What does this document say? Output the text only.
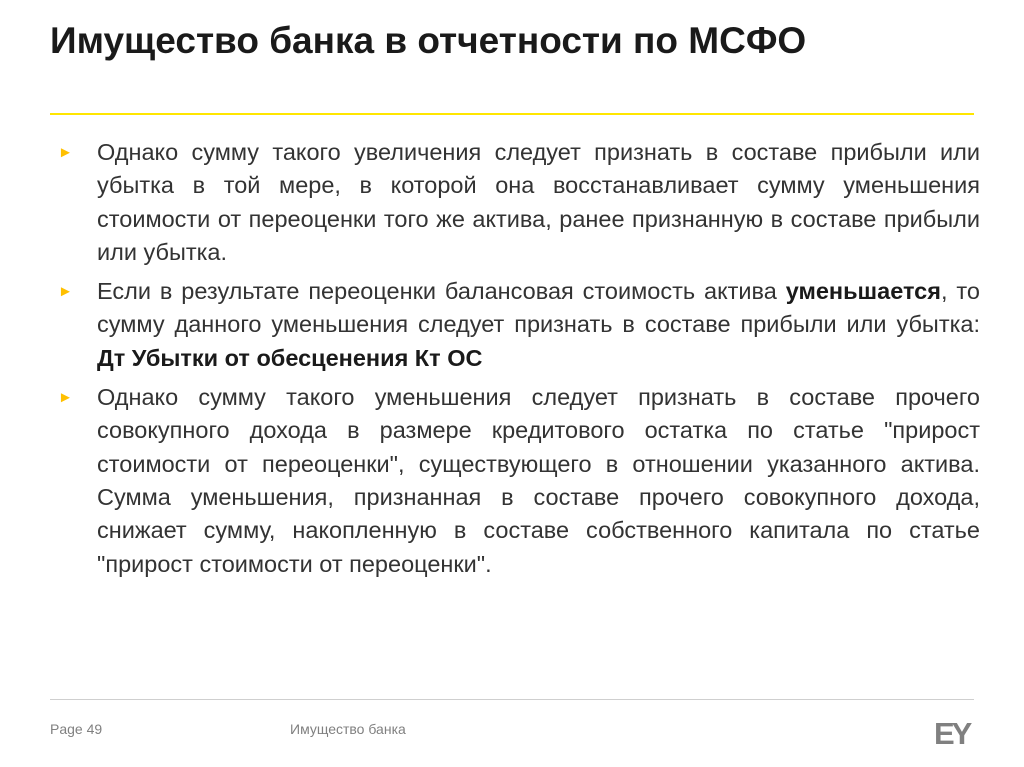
Имущество банка в отчетности по МСФО
► Однако сумму такого увеличения следует признать в составе прибыли или убытка в той мере, в которой она восстанавливает сумму уменьшения стоимости от переоценки того же актива, ранее признанную в составе прибыли или убытка.
► Если в результате переоценки балансовая стоимость актива уменьшается, то сумму данного уменьшения следует признать в составе прибыли или убытка: Дт Убытки от обесценения Кт ОС
► Однако сумму такого уменьшения следует признать в составе прочего совокупного дохода в размере кредитового остатка по статье "прирост стоимости от переоценки", существующего в отношении указанного актива. Сумма уменьшения, признанная в составе прочего совокупного дохода, снижает сумму, накопленную в составе собственного капитала по статье "прирост стоимости от переоценки".
Page 49	Имущество банка	EY
